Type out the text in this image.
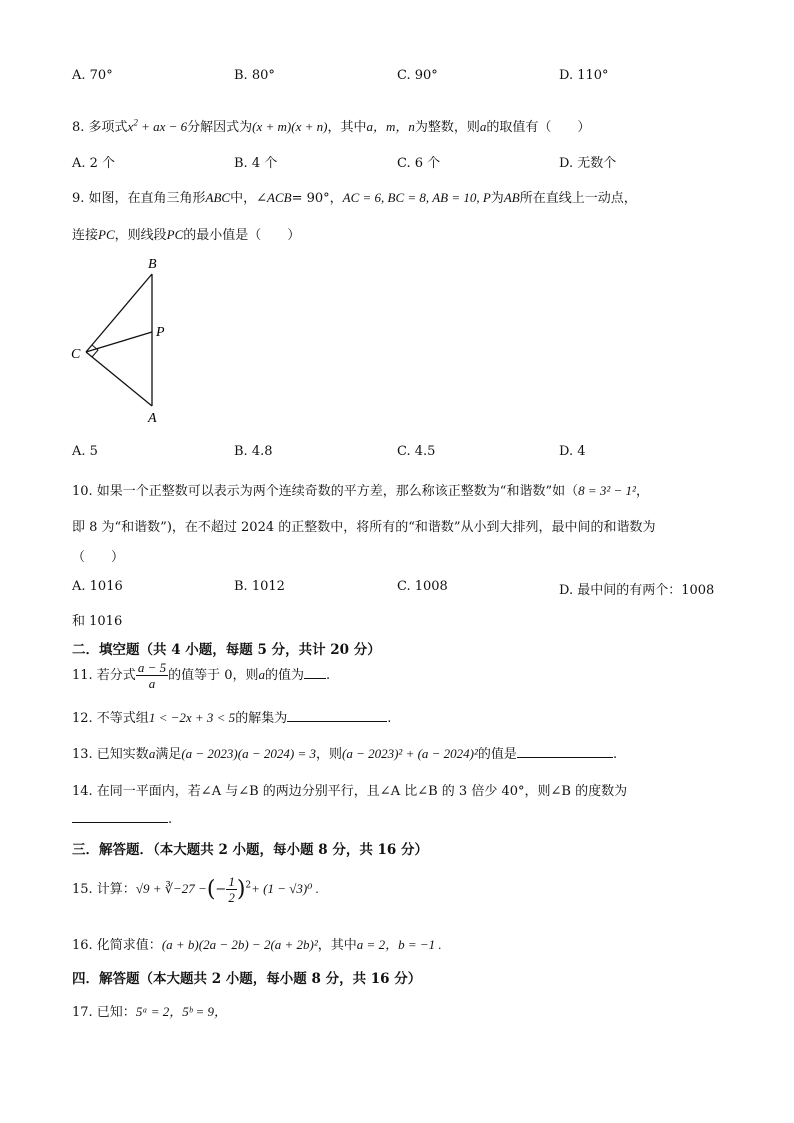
A. 70°	B. 80°	C. 90°	D. 110°
8. 多项式$x^2$ + ax − 6分解因式为(x + m)(x + n)，其中a，m，n为整数，则a的取值有（　　）
A. 2 个	B. 4 个	C. 6 个	D. 无数个
9. 如图，在直角三角形ABC中，∠ACB= 90°，AC = 6, BC = 8, AB = 10, P为AB所在直线上一动点，
连接PC，则线段PC的最小值是（　　）
B
P
C
A
A. 5	B. 4.8	C. 4.5	D. 4
10. 如果一个正整数可以表示为两个连续奇数的平方差，那么称该正整数为“和谐数”如（8 = 3² − 1²，
即 8 为“和谐数”)，在不超过 2024 的正整数中，将所有的“和谐数”从小到大排列，最中间的和谐数为
（　　）
A. 1016	B. 1012	C. 1008	D. 最中间的有两个：1008
和 1016
二．填空题（共 4 小题，每题 5 分，共计 20 分）
11. 若分式 $\frac{a - 5}{a}$ 的值等于 0，则a的值为 .
12. 不等式组1 < −2x + 3 < 5的解集为	.
13. 已知实数a满足(a − 2023)(a − 2024) = 3，则(a − 2023)² + (a − 2024)²的值是	.
14. 在同一平面内，若∠A 与∠B 的两边分别平行，且∠A 比∠B 的 3 倍少 40°，则∠B 的度数为
.
三．解答题．（本大题共 2 小题，每小题 8 分，共 16 分）
15. 计算：√9 + ∛−27 −(− $\frac{1}{2} )^2+ (1 - √3)^0$ .
16. 化简求值：(a + b)(2a − 2b) − 2(a + 2b)²，其中a = 2，b = −1 .
四．解答题（本大题共 2 小题，每小题 8 分，共 16 分）
17. 已知：5ᵃ = 2，5ᵇ = 9，
